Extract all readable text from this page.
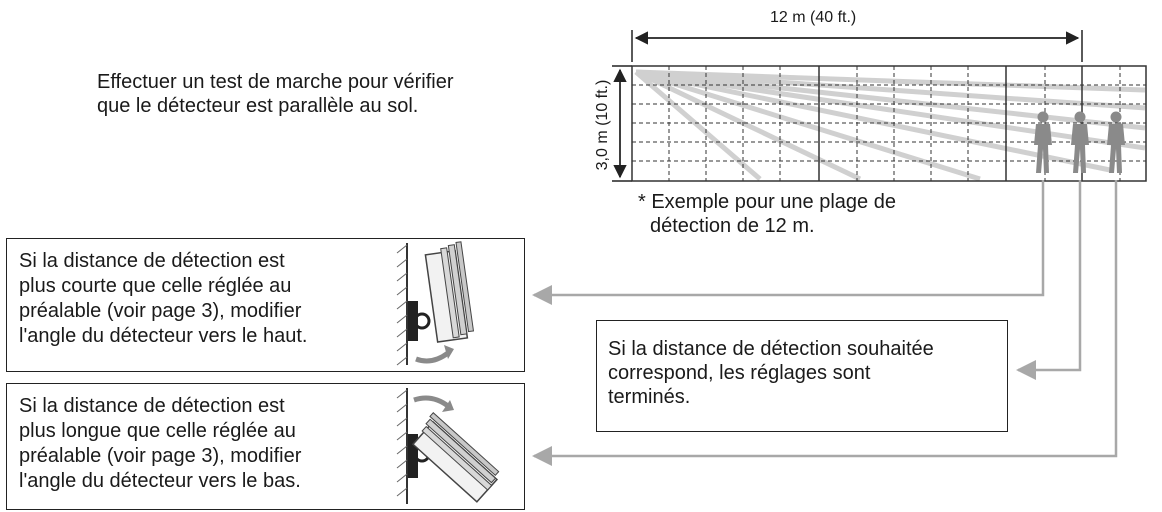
Effectuer un test de marche pour vérifier
que le détecteur est parallèle au sol.
12 m (40 ft.)
3,0 m (10 ft.)
* Exemple pour une plage de
détection de 12 m.
Si la distance de détection est
plus courte que celle réglée au
préalable (voir page 3), modifier
l'angle du détecteur vers le haut.
Si la distance de détection est
plus longue que celle réglée au
préalable (voir page 3), modifier
l'angle du détecteur vers le bas.
Si la distance de détection souhaitée
correspond, les réglages sont
terminés.
